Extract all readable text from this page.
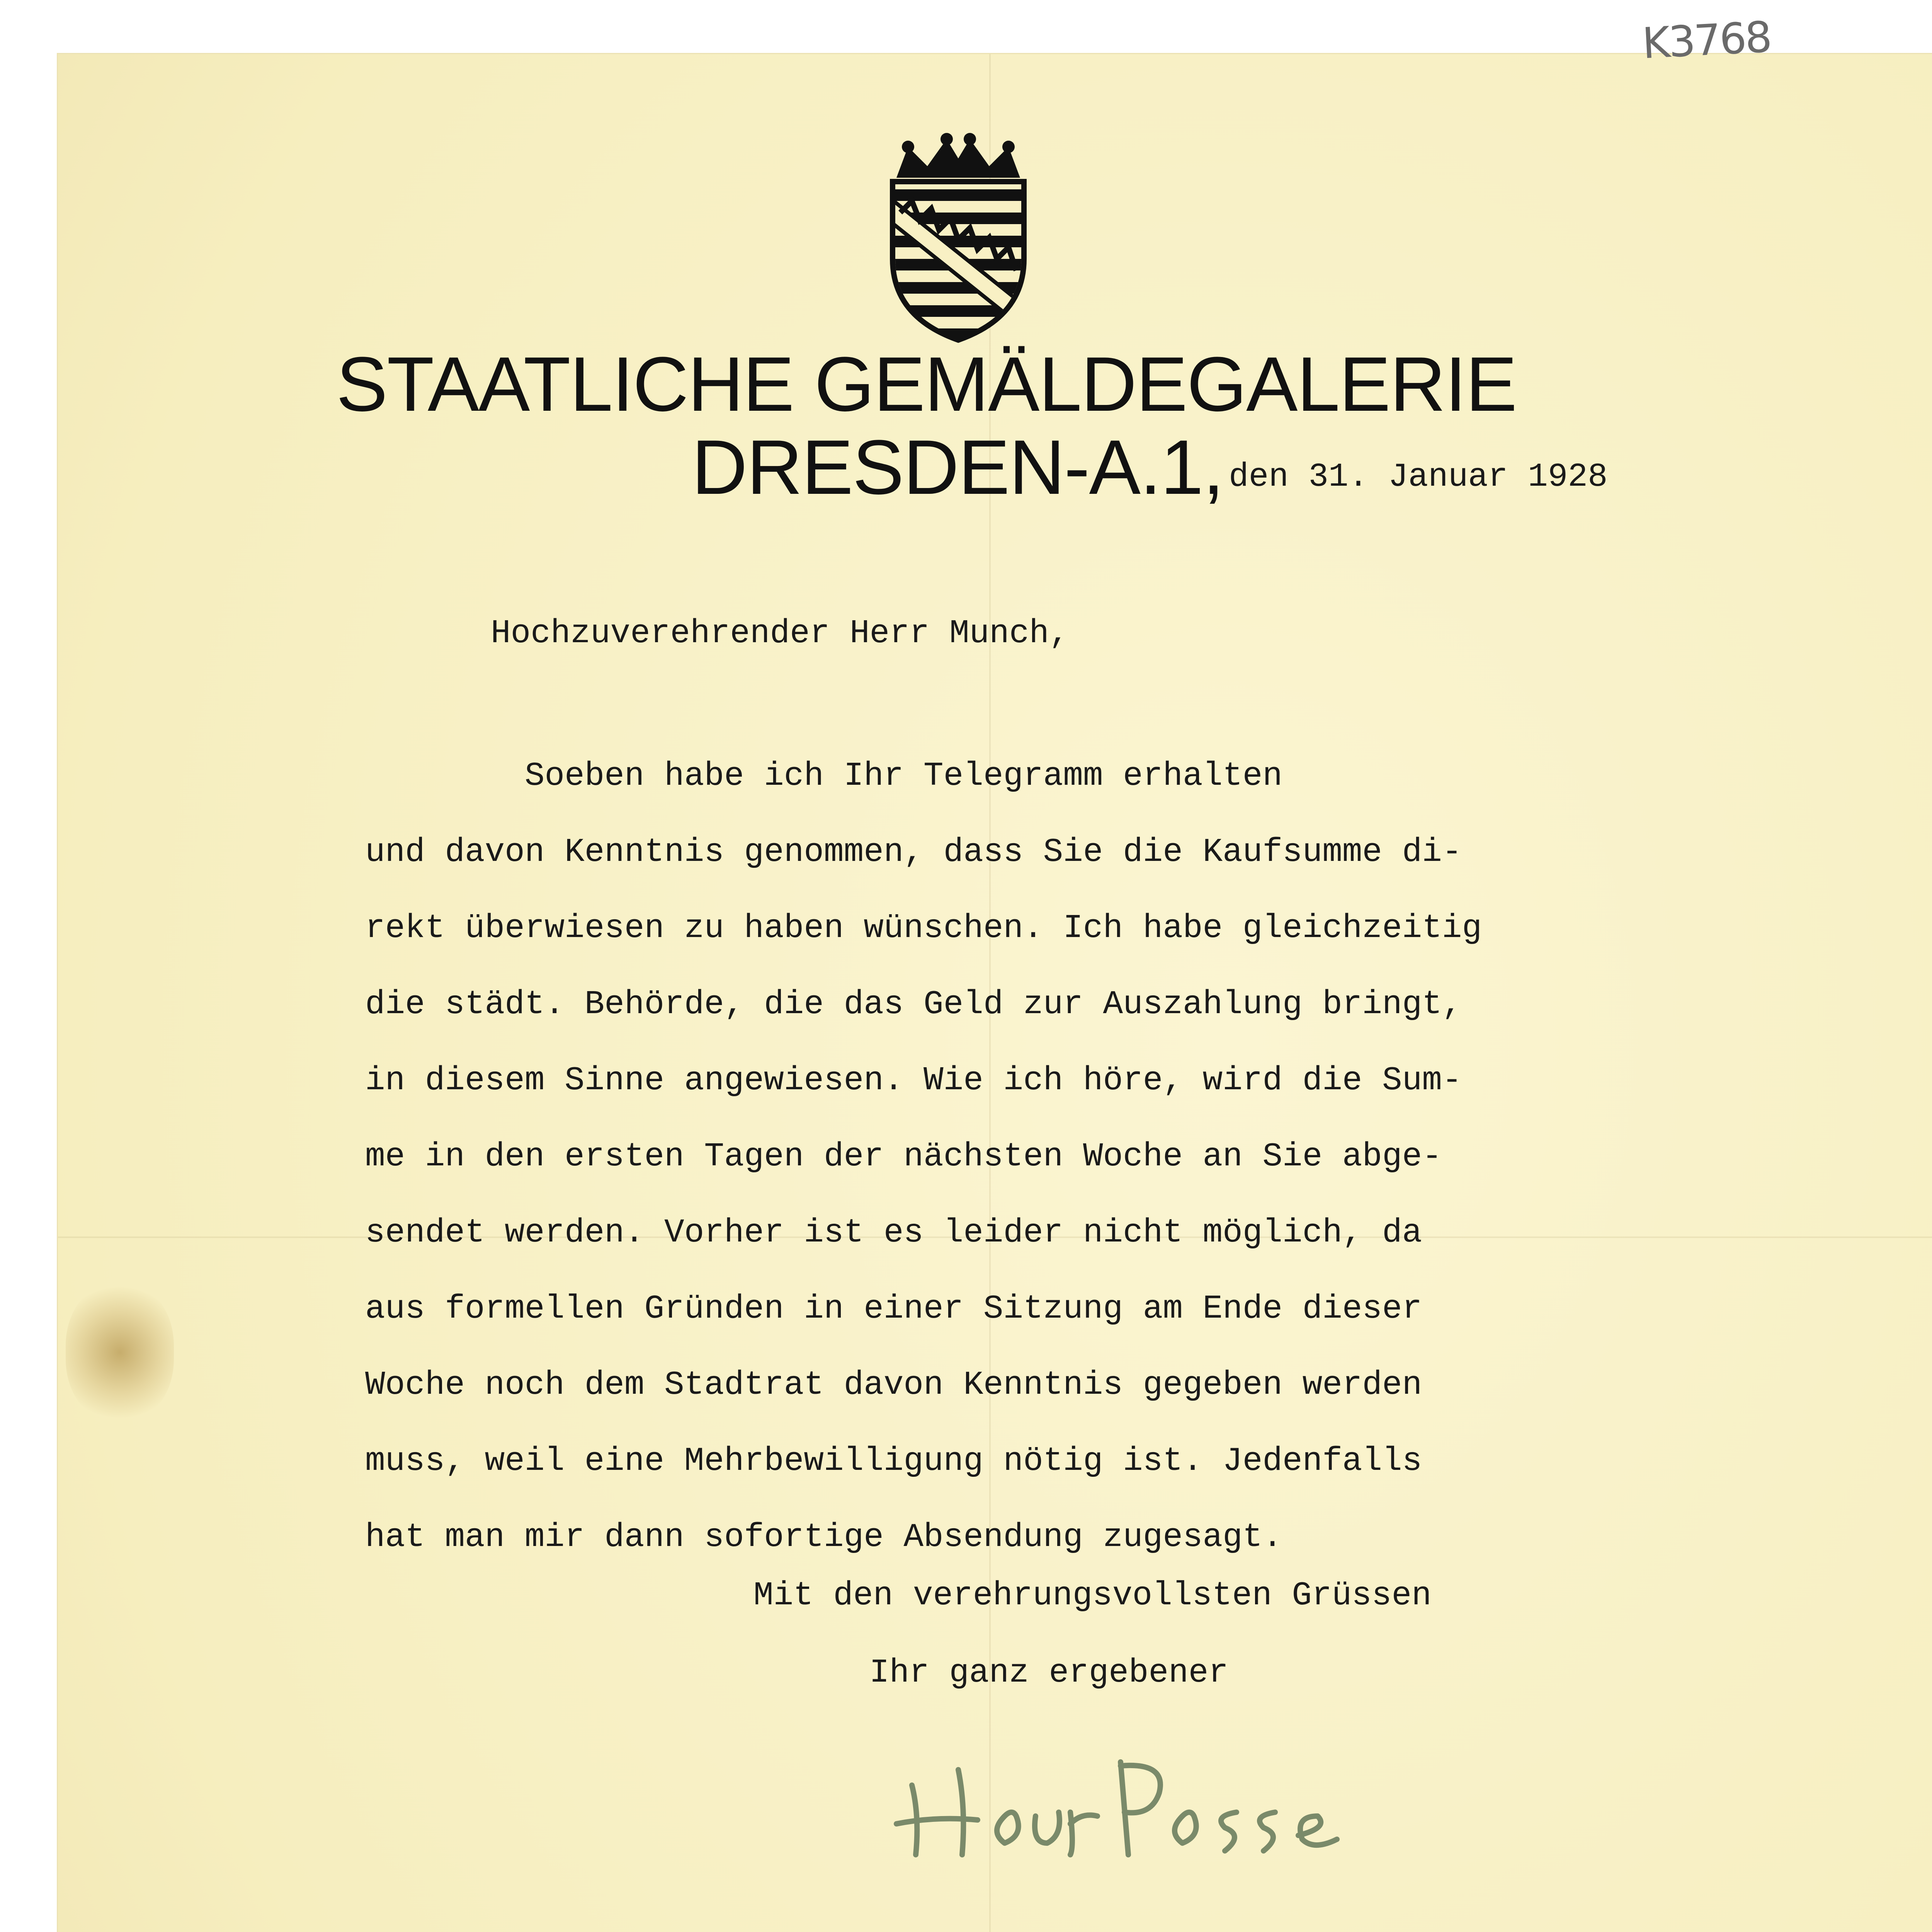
K3768
STAATLICHE GEMÄLDEGALERIE
DRESDEN-A.1, den 31. Januar 1928
Hochzuverehrender Herr Munch,
Soeben habe ich Ihr Telegramm erhalten
und davon Kenntnis genommen, dass Sie die Kaufsumme di-
rekt überwiesen zu haben wünschen. Ich habe gleichzeitig
die städt. Behörde, die das Geld zur Auszahlung bringt,
in diesem Sinne angewiesen. Wie ich höre, wird die Sum-
me in den ersten Tagen der nächsten Woche an Sie abge-
sendet werden. Vorher ist es leider nicht möglich, da
aus formellen Gründen in einer Sitzung am Ende dieser
Woche noch dem Stadtrat davon Kenntnis gegeben werden
muss, weil eine Mehrbewilligung nötig ist. Jedenfalls
hat man mir dann sofortige Absendung zugesagt.
Mit den verehrungsvollsten Grüssen
Ihr ganz ergebener
